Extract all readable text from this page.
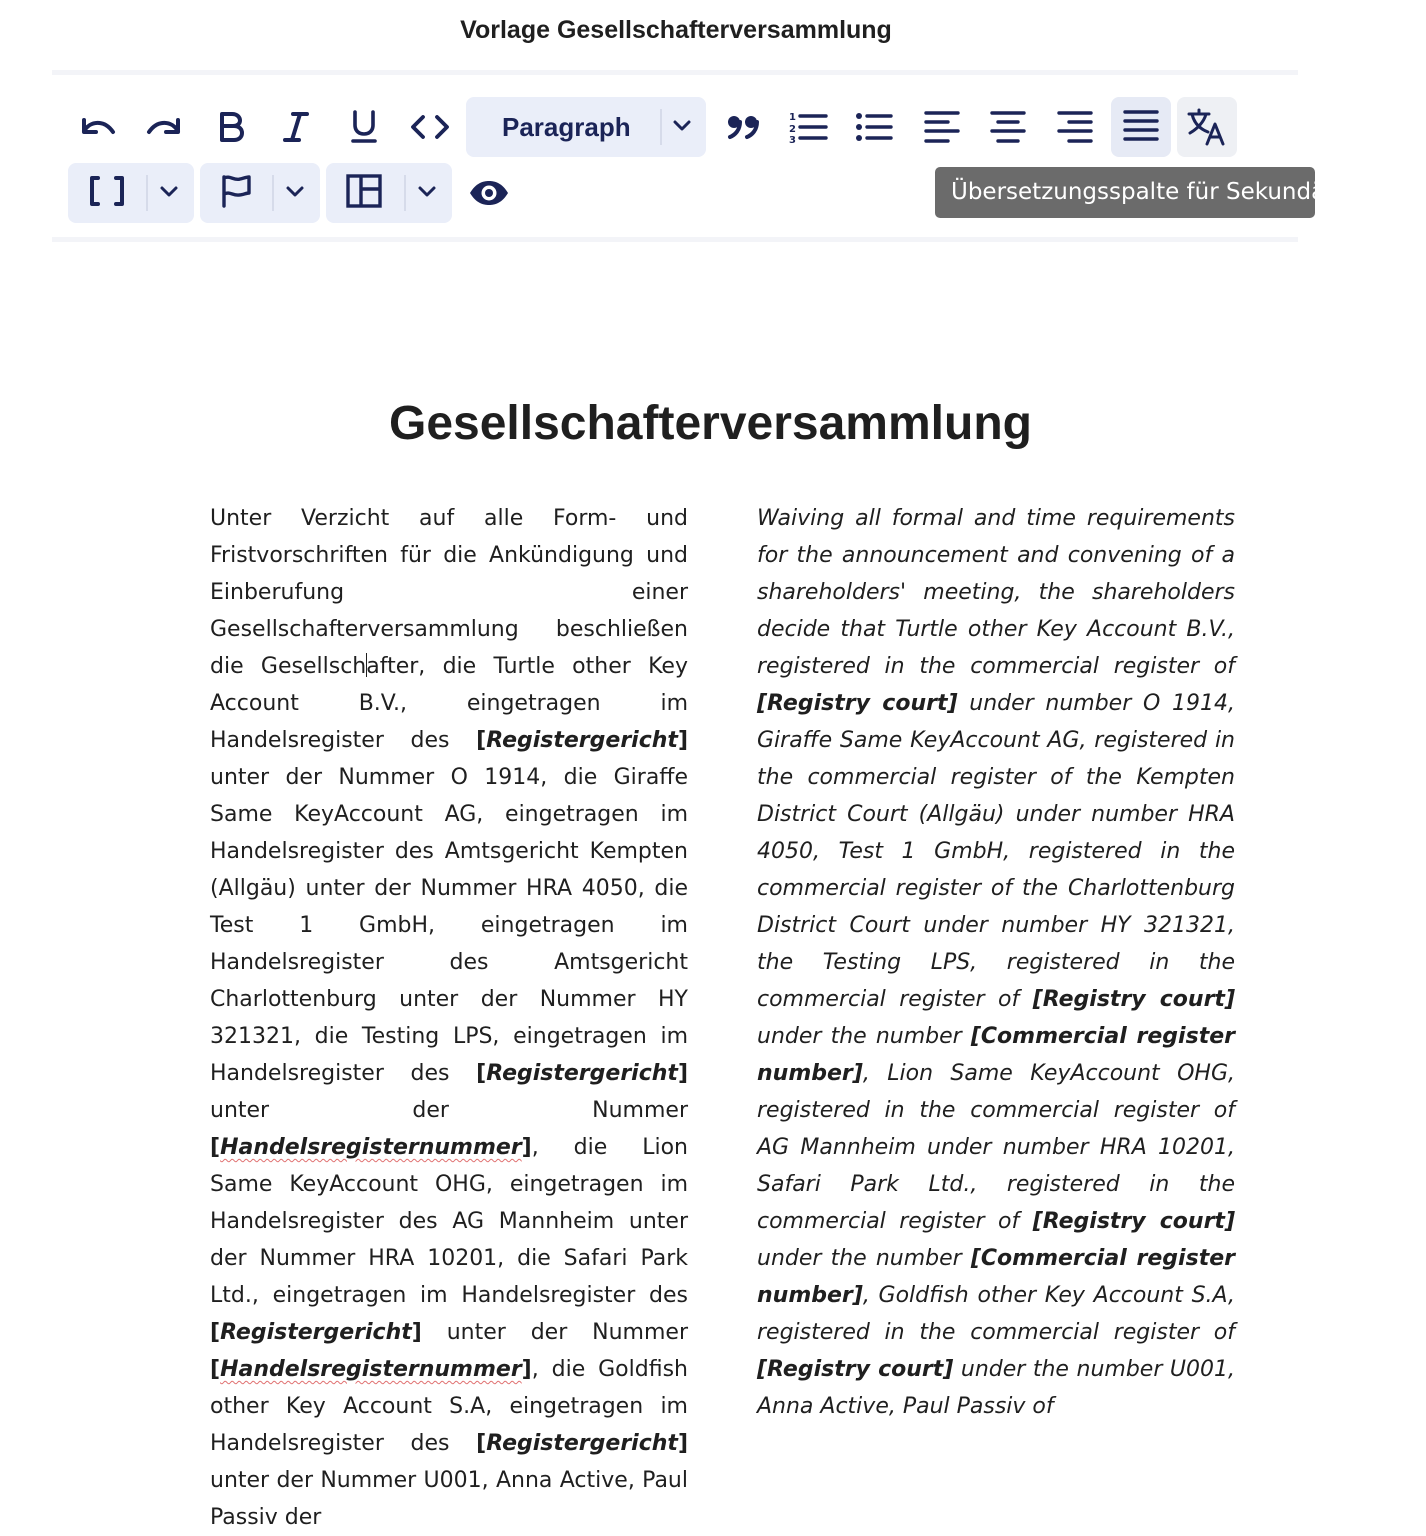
Vorlage Gesellschafterversammlung
Paragraph	1
2
3
Übersetzungsspalte für Sekundärsprache
Gesellschafterversammlung
Unter Verzicht auf alle Form- und Fristvorschriften für die Ankündigung und Einberufung einer Gesellschafterversammlung beschließen die Gesellschafter, die Turtle other Key Account B.V., eingetragen im Handelsregister des [Registergericht] unter der Nummer O 1914, die Giraffe Same KeyAccount AG, eingetragen im Handelsregister des Amtsgericht Kempten (Allgäu) unter der Nummer HRA 4050, die Test 1 GmbH, eingetragen im Handelsregister des Amtsgericht Charlottenburg unter der Nummer HY 321321, die Testing LPS, eingetragen im Handelsregister des [Registergericht] unter der Nummer [Handelsregisternummer], die Lion Same KeyAccount OHG, eingetragen im Handelsregister des AG Mannheim unter der Nummer HRA 10201, die Safari Park Ltd., eingetragen im Handelsregister des [Registergericht] unter der Nummer [Handelsregisternummer], die Goldfish other Key Account S.A, eingetragen im Handelsregister des [Registergericht] unter der Nummer U001, Anna Active, Paul Passiv der
Waiving all formal and time requirements for the announcement and convening of a shareholders' meeting, the shareholders decide that Turtle other Key Account B.V., registered in the commercial register of [Registry court] under number O 1914, Giraffe Same KeyAccount AG, registered in the commercial register of the Kempten District Court (Allgäu) under number HRA 4050, Test 1 GmbH, registered in the commercial register of the Charlottenburg District Court under number HY 321321, the Testing LPS, registered in the commercial register of [Registry court] under the number [Commercial register number], Lion Same KeyAccount OHG, registered in the commercial register of AG Mannheim under number HRA 10201, Safari Park Ltd., registered in the commercial register of [Registry court] under the number [Commercial register number], Goldfish other Key Account S.A, registered in the commercial register of [Registry court] under the number U001, Anna Active, Paul Passiv of
